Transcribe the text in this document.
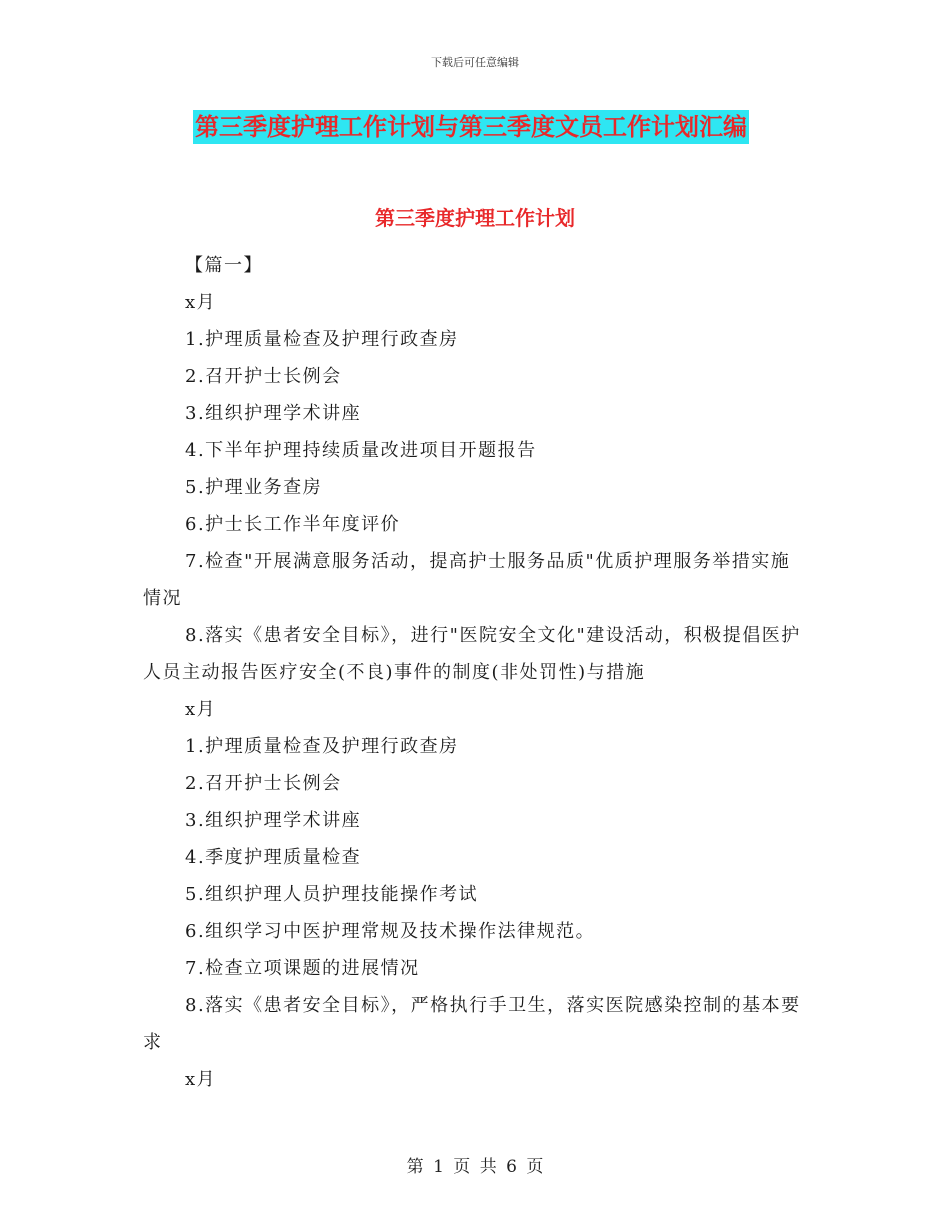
下载后可任意编辑
第三季度护理工作计划与第三季度文员工作计划汇编
第三季度护理工作计划

【篇一】

x月

1.护理质量检查及护理行政查房

2.召开护士长例会

3.组织护理学术讲座

4.下半年护理持续质量改进项目开题报告

5.护理业务查房

6.护士长工作半年度评价

7.检查"开展满意服务活动，提高护士服务品质"优质护理服务举措实施情况

8.落实《患者安全目标》，进行"医院安全文化"建设活动，积极提倡医护人员主动报告医疗安全(不良)事件的制度(非处罚性)与措施

x月

1.护理质量检查及护理行政查房

2.召开护士长例会

3.组织护理学术讲座

4.季度护理质量检查

5.组织护理人员护理技能操作考试

6.组织学习中医护理常规及技术操作法律规范。

7.检查立项课题的进展情况

8.落实《患者安全目标》，严格执行手卫生，落实医院感染控制的基本要求

x月

第 1 页 共 6 页
